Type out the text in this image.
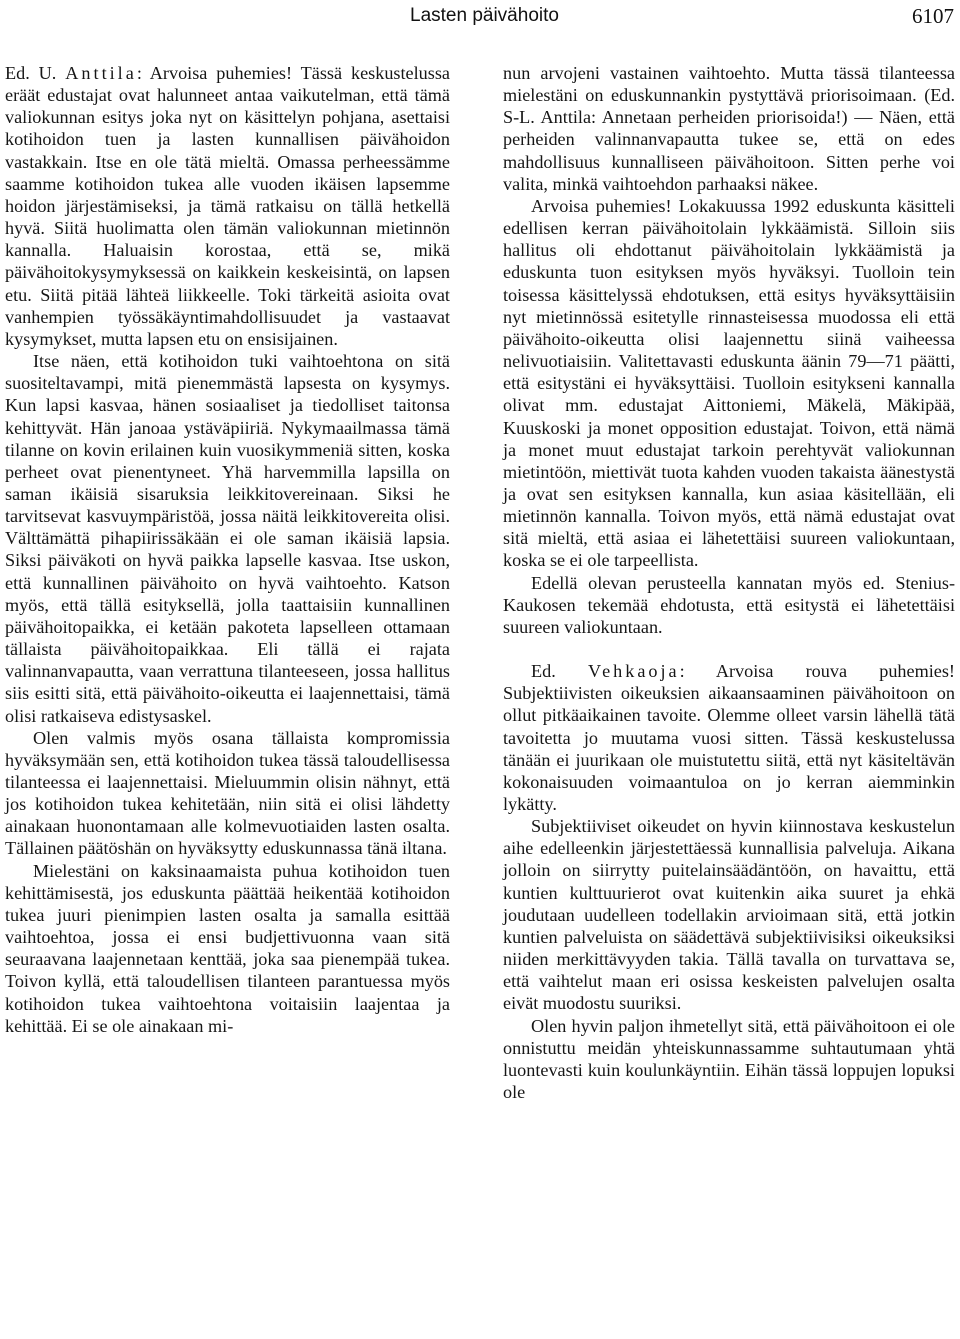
Lasten päivähoito	6107

Ed. U. Anttila: Arvoisa puhemies! Tässä keskustelussa eräät edustajat ovat halunneet antaa vaikutelman, että tämä valiokunnan esitys joka nyt on käsittelyn pohjana, asettaisi kotihoidon tuen ja lasten kunnallisen päivähoidon vastakkain. Itse en ole tätä mieltä. Omassa perheessämme saamme kotihoidon tukea alle vuoden ikäisen lapsemme hoidon järjestämiseksi, ja tämä ratkaisu on tällä hetkellä hyvä. Siitä huolimatta olen tämän valiokunnan mietinnön kannalla. Haluaisin korostaa, että se, mikä päivähoitokysymyksessä on kaikkein keskeisintä, on lapsen etu. Siitä pitää lähteä liikkeelle. Toki tärkeitä asioita ovat vanhempien työssäkäyntimahdollisuudet ja vastaavat kysymykset, mutta lapsen etu on ensisijainen.

Itse näen, että kotihoidon tuki vaihtoehtona on sitä suositeltavampi, mitä pienemmästä lapsesta on kysymys. Kun lapsi kasvaa, hänen sosiaaliset ja tiedolliset taitonsa kehittyvät. Hän janoaa ystäväpiiriä. Nykymaailmassa tämä tilanne on kovin erilainen kuin vuosikymmeniä sitten, koska perheet ovat pienentyneet. Yhä harvemmilla lapsilla on saman ikäisiä sisaruksia leikkitovereinaan. Siksi he tarvitsevat kasvuympäristöä, jossa näitä leikkitovereita olisi. Välttämättä pihapiirissäkään ei ole saman ikäisiä lapsia. Siksi päiväkoti on hyvä paikka lapselle kasvaa. Itse uskon, että kunnallinen päivähoito on hyvä vaihtoehto. Katson myös, että tällä esityksellä, jolla taattaisiin kunnallinen päivähoitopaikka, ei ketään pakoteta lapselleen ottamaan tällaista päivähoitopaikkaa. Eli tällä ei rajata valinnanvapautta, vaan verrattuna tilanteeseen, jossa hallitus siis esitti sitä, että päivähoito-oikeutta ei laajennettaisi, tämä olisi ratkaiseva edistysaskel.

Olen valmis myös osana tällaista kompromissia hyväksymään sen, että kotihoidon tukea tässä taloudellisessa tilanteessa ei laajennettaisi. Mieluummin olisin nähnyt, että jos kotihoidon tukea kehitetään, niin sitä ei olisi lähdetty ainakaan huonontamaan alle kolmevuotiaiden lasten osalta. Tällainen päätöshän on hyväksytty eduskunnassa tänä iltana.

Mielestäni on kaksinaamaista puhua kotihoidon tuen kehittämisestä, jos eduskunta päättää heikentää kotihoidon tukea juuri pienimpien lasten osalta ja samalla esittää vaihtoehtoa, jossa ei ensi budjettivuonna vaan sitä seuraavana laajennetaan kenttää, joka saa pienempää tukea. Toivon kyllä, että taloudellisen tilanteen parantuessa myös kotihoidon tukea vaihtoehtona voitaisiin laajentaa ja kehittää. Ei se ole ainakaan mi-

nun arvojeni vastainen vaihtoehto. Mutta tässä tilanteessa mielestäni on eduskunnankin pystyttävä priorisoimaan. (Ed. S-L. Anttila: Annetaan perheiden priorisoida!) — Näen, että perheiden valinnanvapautta tukee se, että on edes mahdollisuus kunnalliseen päivähoitoon. Sitten perhe voi valita, minkä vaihtoehdon parhaaksi näkee.

Arvoisa puhemies! Lokakuussa 1992 eduskunta käsitteli edellisen kerran päivähoitolain lykkäämistä. Silloin siis hallitus oli ehdottanut päivähoitolain lykkäämistä ja eduskunta tuon esityksen myös hyväksyi. Tuolloin tein toisessa käsittelyssä ehdotuksen, että esitys hyväksyttäisiin nyt mietinnössä esitetylle rinnasteisessa muodossa eli että päivähoito-oikeutta olisi laajennettu siinä vaiheessa nelivuotiaisiin. Valitettavasti eduskunta äänin 79—71 päätti, että esitystäni ei hyväksyttäisi. Tuolloin esitykseni kannalla olivat mm. edustajat Aittoniemi, Mäkelä, Mäkipää, Kuuskoski ja monet opposition edustajat. Toivon, että nämä ja monet muut edustajat tarkoin perehtyvät valiokunnan mietintöön, miettivät tuota kahden vuoden takaista äänestystä ja ovat sen esityksen kannalla, kun asiaa käsitellään, eli mietinnön kannalla. Toivon myös, että nämä edustajat ovat sitä mieltä, että asiaa ei lähetettäisi suureen valiokuntaan, koska se ei ole tarpeellista.

Edellä olevan perusteella kannatan myös ed. Stenius-Kaukosen tekemää ehdotusta, että esitystä ei lähetettäisi suureen valiokuntaan.

Ed. Vehkaoja: Arvoisa rouva puhemies! Subjektiivisten oikeuksien aikaansaaminen päivähoitoon on ollut pitkäaikainen tavoite. Olemme olleet varsin lähellä tätä tavoitetta jo muutama vuosi sitten. Tässä keskustelussa tänään ei juurikaan ole muistutettu siitä, että nyt käsiteltävän kokonaisuuden voimaantuloa on jo kerran aiemminkin lykätty.

Subjektiiviset oikeudet on hyvin kiinnostava keskustelun aihe edelleenkin järjestettäessä kunnallisia palveluja. Aikana jolloin on siirrytty puitelainsäädäntöön, on havaittu, että kuntien kulttuurierot ovat kuitenkin aika suuret ja ehkä joudutaan uudelleen todellakin arvioimaan sitä, että jotkin kuntien palveluista on säädettävä subjektiivisiksi oikeuksiksi niiden merkittävyyden takia. Tällä tavalla on turvattava se, että vaihtelut maan eri osissa keskeisten palvelujen osalta eivät muodostu suuriksi.

Olen hyvin paljon ihmetellyt sitä, että päivähoitoon ei ole onnistuttu meidän yhteiskunnassamme suhtautumaan yhtä luontevasti kuin koulunkäyntiin. Eihän tässä loppujen lopuksi ole
